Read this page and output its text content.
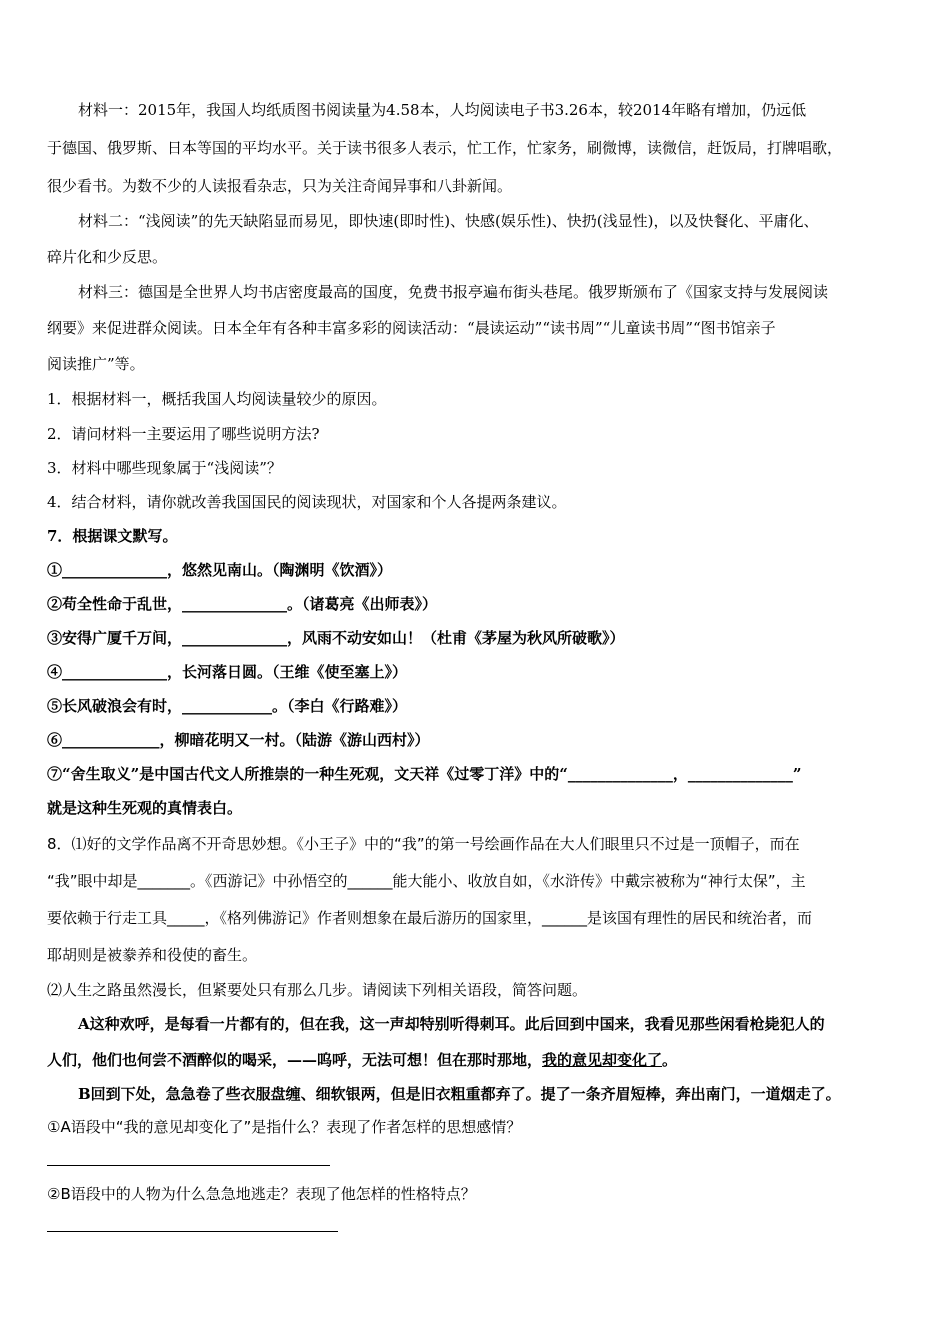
材料一：2015年，我国人均纸质图书阅读量为4.58本，人均阅读电子书3.26本，较2014年略有增加，仍远低
于德国、俄罗斯、日本等国的平均水平。关于读书很多人表示，忙工作，忙家务，刷微博，读微信，赶饭局，打牌唱歌，
很少看书。为数不少的人读报看杂志，只为关注奇闻异事和八卦新闻。
材料二：“浅阅读”的先天缺陷显而易见，即快速(即时性)、快感(娱乐性)、快扔(浅显性)，以及快餐化、平庸化、
碎片化和少反思。
材料三：德国是全世界人均书店密度最高的国度，免费书报亭遍布街头巷尾。俄罗斯颁布了《国家支持与发展阅读
纲要》来促进群众阅读。日本全年有各种丰富多彩的阅读活动：“晨读运动”“读书周”“儿童读书周”“图书馆亲子
阅读推广”等。
1．根据材料一，概括我国人均阅读量较少的原因。
2．请问材料一主要运用了哪些说明方法?
3．材料中哪些现象属于“浅阅读”？
4．结合材料，请你就改善我国国民的阅读现状，对国家和个人各提两条建议。
7．根据课文默写。
①______________，悠然见南山。（陶渊明《饮酒》）
②苟全性命于乱世，______________。（诸葛亮《出师表》）
③安得广厦千万间，______________，风雨不动安如山！（杜甫《茅屋为秋风所破歌》）
④______________，长河落日圆。（王维《使至塞上》）
⑤长风破浪会有时，____________。（李白《行路难》）
⑥_____________，柳暗花明又一村。（陆游《游山西村》）
⑦“舍生取义”是中国古代文人所推崇的一种生死观，文天祥《过零丁洋》中的“______________，______________”
就是这种生死观的真情表白。
8．⑴好的文学作品离不开奇思妙想。《小王子》中的“我”的第一号绘画作品在大人们眼里只不过是一顶帽子，而在
“我”眼中却是_______。《西游记》中孙悟空的______能大能小、收放自如，《水浒传》中戴宗被称为“神行太保”，主
要依赖于行走工具_____，《格列佛游记》作者则想象在最后游历的国家里，______是该国有理性的居民和统治者，而
耶胡则是被豢养和役使的畜生。
⑵人生之路虽然漫长，但紧要处只有那么几步。请阅读下列相关语段，简答问题。
A这种欢呼，是每看一片都有的，但在我，这一声却特别听得刺耳。此后回到中国来，我看见那些闲看枪毙犯人的
人们，他们也何尝不酒醉似的喝采，——呜呼，无法可想！但在那时那地，我的意见却变化了。
B回到下处，急急卷了些衣服盘缠、细软银两，但是旧衣粗重都弃了。提了一条齐眉短棒，奔出南门，一道烟走了。
①A语段中“我的意见却变化了”是指什么？表现了作者怎样的思想感情？
②B语段中的人物为什么急急地逃走？表现了他怎样的性格特点？
